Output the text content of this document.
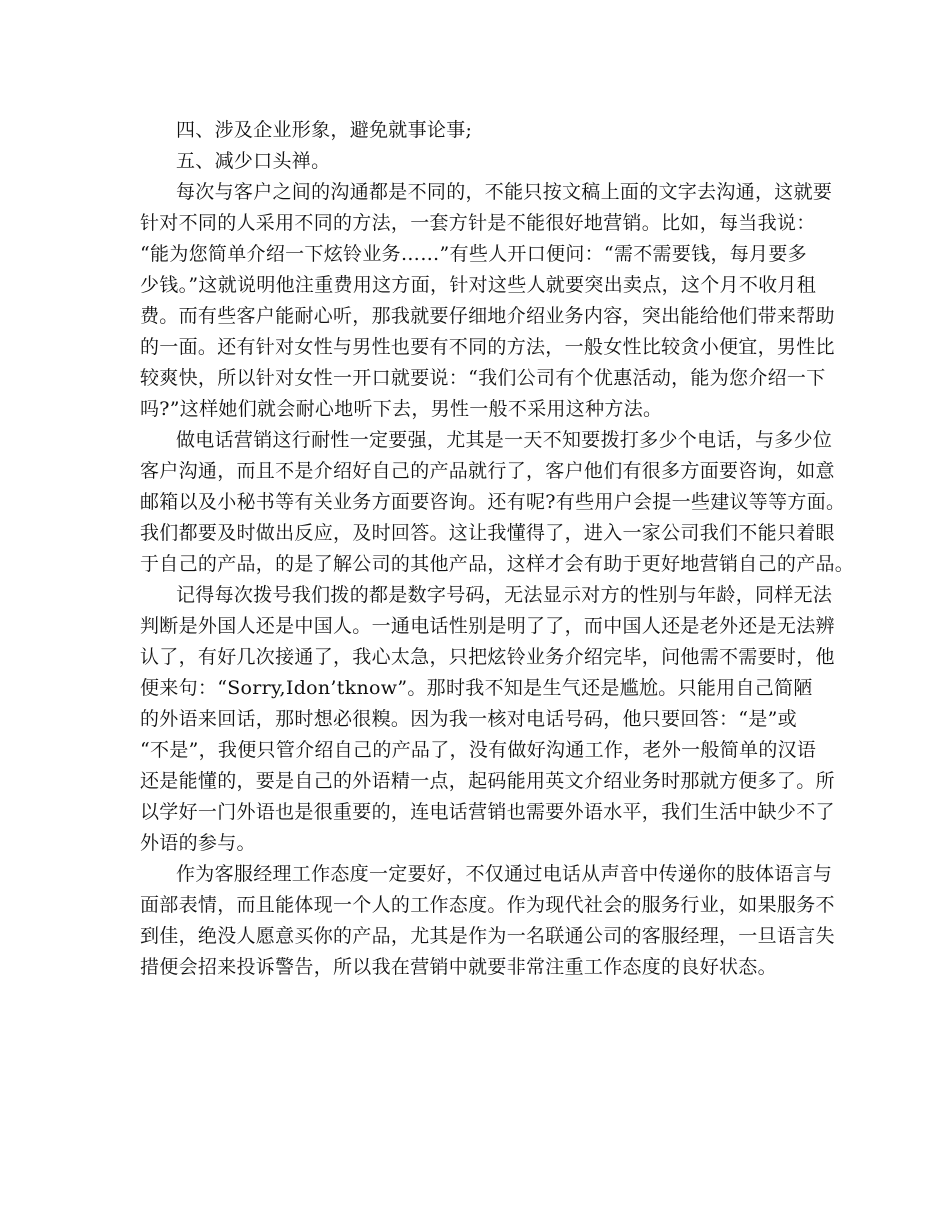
四、涉及企业形象，避免就事论事;
五、减少口头禅。
每次与客户之间的沟通都是不同的，不能只按文稿上面的文字去沟通，这就要
针对不同的人采用不同的方法，一套方针是不能很好地营销。比如，每当我说：
“能为您简单介绍一下炫铃业务……”有些人开口便问：“需不需要钱，每月要多
少钱。”这就说明他注重费用这方面，针对这些人就要突出卖点，这个月不收月租
费。而有些客户能耐心听，那我就要仔细地介绍业务内容，突出能给他们带来帮助
的一面。还有针对女性与男性也要有不同的方法，一般女性比较贪小便宜，男性比
较爽快，所以针对女性一开口就要说：“我们公司有个优惠活动，能为您介绍一下
吗?”这样她们就会耐心地听下去，男性一般不采用这种方法。
做电话营销这行耐性一定要强，尤其是一天不知要拨打多少个电话，与多少位
客户沟通，而且不是介绍好自己的产品就行了，客户他们有很多方面要咨询，如意
邮箱以及小秘书等有关业务方面要咨询。还有呢?有些用户会提一些建议等等方面。
我们都要及时做出反应，及时回答。这让我懂得了，进入一家公司我们不能只着眼
于自己的产品，的是了解公司的其他产品，这样才会有助于更好地营销自己的产品。
记得每次拨号我们拨的都是数字号码，无法显示对方的性别与年龄，同样无法
判断是外国人还是中国人。一通电话性别是明了了，而中国人还是老外还是无法辨
认了，有好几次接通了，我心太急，只把炫铃业务介绍完毕，问他需不需要时，他
便来句：“Sorry,Idon’tknow”。那时我不知是生气还是尴尬。只能用自己简陋
的外语来回话，那时想必很糗。因为我一核对电话号码，他只要回答：“是”或
“不是”，我便只管介绍自己的产品了，没有做好沟通工作，老外一般简单的汉语
还是能懂的，要是自己的外语精一点，起码能用英文介绍业务时那就方便多了。所
以学好一门外语也是很重要的，连电话营销也需要外语水平，我们生活中缺少不了
外语的参与。
作为客服经理工作态度一定要好，不仅通过电话从声音中传递你的肢体语言与
面部表情，而且能体现一个人的工作态度。作为现代社会的服务行业，如果服务不
到佳，绝没人愿意买你的产品，尤其是作为一名联通公司的客服经理，一旦语言失
措便会招来投诉警告，所以我在营销中就要非常注重工作态度的良好状态。
